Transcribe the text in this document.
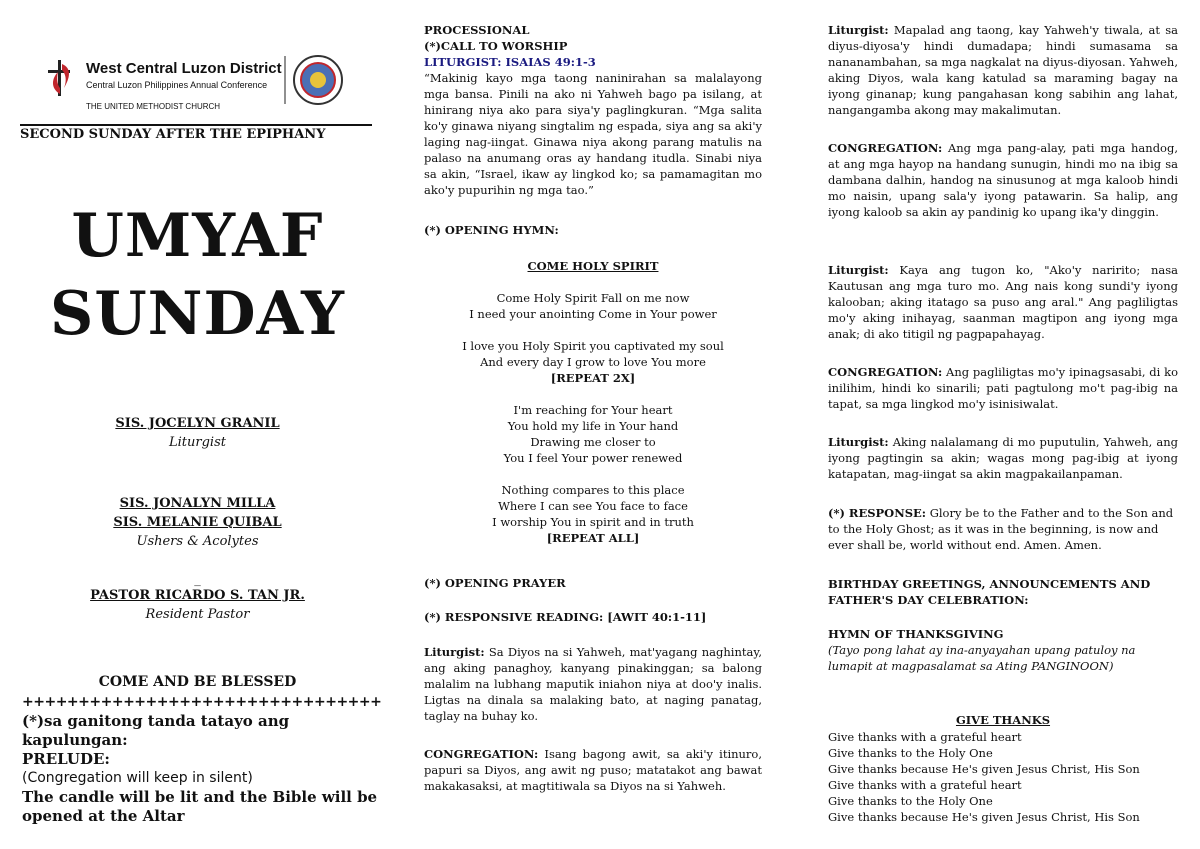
West Central Luzon District
Central Luzon Philippines Annual Conference
THE UNITED METHODIST CHURCH
SECOND SUNDAY AFTER THE EPIPHANY
UMYAF
SUNDAY
SIS. JOCELYN GRANIL
Liturgist
SIS. JONALYN MILLA
SIS. MELANIE QUIBAL
Ushers & Acolytes
_
PASTOR RICARDO S. TAN JR.
Resident Pastor
COME AND BE BLESSED
++++++++++++++++++++++++++++++++
(*)sa ganitong tanda tatayo ang kapulungan:
PRELUDE:
(Congregation will keep in silent)
The candle will be lit and the Bible will be opened at the Altar
PROCESSIONAL
(*)CALL TO WORSHIP
LITURGIST: ISAIAS 49:1-3

“Makinig kayo mga taong naninirahan sa malalayong mga bansa. Pinili na ako ni Yahweh bago pa isilang, at hinirang niya ako para siya'y paglingkuran. “Mga salita ko'y ginawa niyang singtalim ng espada, siya ang sa aki'y laging nag-iingat. Ginawa niya akong parang matulis na palaso na anumang oras ay handang itudla. Sinabi niya sa akin, “Israel, ikaw ay lingkod ko; sa pamamagitan mo ako'y pupurihin ng mga tao.”

(*) OPENING HYMN:
COME HOLY SPIRIT
Come Holy Spirit Fall on me now
I need your anointing Come in Your power
I love you Holy Spirit you captivated my soul
And every day I grow to love You more
[REPEAT 2X]
I'm reaching for Your heart
You hold my life in Your hand
Drawing me closer to
You I feel Your power renewed
Nothing compares to this place
Where I can see You face to face
I worship You in spirit and in truth
[REPEAT ALL]
(*) OPENING PRAYER
(*) RESPONSIVE READING: [AWIT 40:1-11]

Liturgist: Sa Diyos na si Yahweh, mat'yagang naghintay, ang aking panaghoy, kanyang pinakinggan; sa balong malalim na lubhang maputik iniahon niya at doo'y inalis. Ligtas na dinala sa malaking bato, at naging panatag, taglay na buhay ko.

CONGREGATION: Isang bagong awit, sa aki'y itinuro, papuri sa Diyos, ang awit ng puso; matatakot ang bawat makakasaksi, at magtitiwala sa Diyos na si Yahweh.

Liturgist: Mapalad ang taong, kay Yahweh'y tiwala, at sa diyus-diyosa'y hindi dumadapa; hindi sumasama sa nananambahan, sa mga nagkalat na diyus-diyosan. Yahweh, aking Diyos, wala kang katulad sa maraming bagay na iyong ginanap; kung pangahasan kong sabihin ang lahat, nangangamba akong may makalimutan.

CONGREGATION: Ang mga pang-alay, pati mga handog, at ang mga hayop na handang sunugin, hindi mo na ibig sa dambana dalhin, handog na sinusunog at mga kaloob hindi mo naisin, upang sala'y iyong patawarin. Sa halip, ang iyong kaloob sa akin ay pandinig ko upang ika'y dinggin.

Liturgist: Kaya ang tugon ko, "Ako'y naririto; nasa Kautusan ang mga turo mo. Ang nais kong sundi'y iyong kalooban; aking itatago sa puso ang aral." Ang pagliligtas mo'y aking inihayag, saanman magtipon ang iyong mga anak; di ako titigil ng pagpapahayag.

CONGREGATION: Ang pagliligtas mo'y ipinagsasabi, di ko inilihim, hindi ko sinarili; pati pagtulong mo't pag-ibig na tapat, sa mga lingkod mo'y isinisiwalat.

Liturgist: Aking nalalamang di mo puputulin, Yahweh, ang iyong pagtingin sa akin; wagas mong pag-ibig at iyong katapatan, mag-iingat sa akin magpakailanpaman.

(*) RESPONSE: Glory be to the Father and to the Son and to the Holy Ghost; as it was in the beginning, is now and ever shall be, world without end. Amen. Amen.

BIRTHDAY GREETINGS, ANNOUNCEMENTS AND FATHER'S DAY CELEBRATION:
HYMN OF THANKSGIVING
(Tayo pong lahat ay ina-anyayahan upang patuloy na lumapit at magpasalamat sa Ating PANGINOON)
GIVE THANKS
Give thanks with a grateful heart
Give thanks to the Holy One
Give thanks because He's given Jesus Christ, His Son
Give thanks with a grateful heart
Give thanks to the Holy One
Give thanks because He's given Jesus Christ, His Son
